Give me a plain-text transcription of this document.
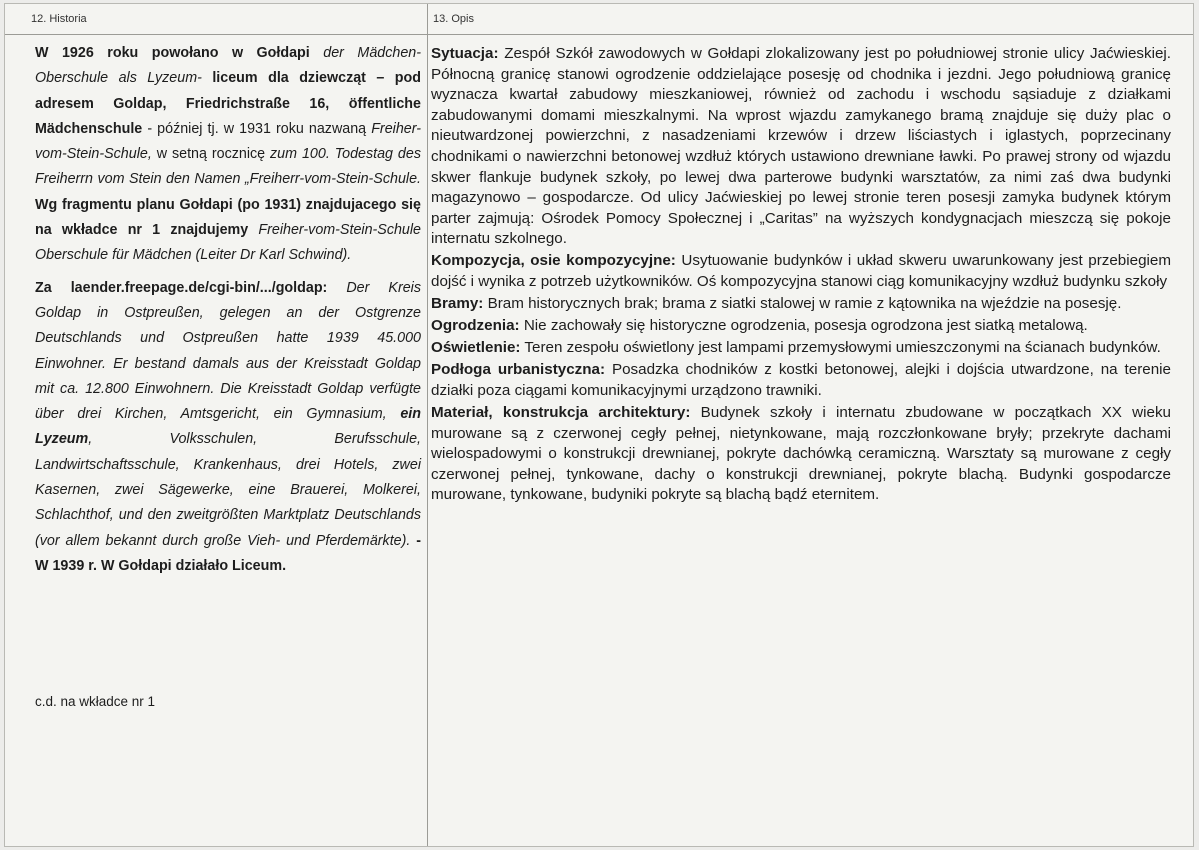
12. Historia	13. Opis

W 1926 roku powołano w Gołdapi der Mädchen-Oberschule als Lyzeum- liceum dla dziewcząt – pod adresem Goldap, Friedrichstraße 16, öffentliche Mädchenschule - później tj. w 1931 roku nazwaną Freiher-vom-Stein-Schule, w setną rocznicę zum 100. Todestag des Freiherrn vom Stein den Namen „Freiherr-vom-Stein-Schule. Wg fragmentu planu Gołdapi (po 1931) znajdujacego się na wkładce nr 1 znajdujemy Freiher-vom-Stein-Schule Oberschule für Mädchen (Leiter Dr Karl Schwind).

Za laender.freepage.de/cgi-bin/.../goldap: Der Kreis Goldap in Ostpreußen, gelegen an der Ostgrenze Deutschlands und Ostpreußen hatte 1939 45.000 Einwohner. Er bestand damals aus der Kreisstadt Goldap mit ca. 12.800 Einwohnern. Die Kreisstadt Goldap verfügte über drei Kirchen, Amtsgericht, ein Gymnasium, ein Lyzeum, Volksschulen, Berufsschule, Landwirtschaftsschule, Krankenhaus, drei Hotels, zwei Kasernen, zwei Sägewerke, eine Brauerei, Molkerei, Schlachthof, und den zweitgrößten Marktplatz Deutschlands (vor allem bekannt durch große Vieh- und Pferdemärkte). - W 1939 r. W Gołdapi działało Liceum.

c.d. na wkładce nr 1

Sytuacja: Zespół Szkół zawodowych w Gołdapi zlokalizowany jest po południowej stronie ulicy Jaćwieskiej. Północną granicę stanowi ogrodzenie oddzielające posesję od chodnika i jezdni. Jego południową granicę wyznacza kwartał zabudowy mieszkaniowej, również od zachodu i wschodu sąsiaduje z działkami zabudowanymi domami mieszkalnymi. Na wprost wjazdu zamykanego bramą znajduje się duży plac o nieutwardzonej powierzchni, z nasadzeniami krzewów i drzew liściastych i iglastych, poprzecinany chodnikami o nawierzchni betonowej wzdłuż których ustawiono drewniane ławki. Po prawej strony od wjazdu skwer flankuje budynek szkoły, po lewej dwa parterowe budynki warsztatów, za nimi zaś dwa budynki magazynowo – gospodarcze. Od ulicy Jaćwieskiej po lewej stronie teren posesji zamyka budynek którym parter zajmują: Ośrodek Pomocy Społecznej i „Caritas” na wyższych kondygnacjach mieszczą się pokoje internatu szkolnego.

Kompozycja, osie kompozycyjne: Usytuowanie budynków i układ skweru uwarunkowany jest przebiegiem dojść i wynika z potrzeb użytkowników. Oś kompozycyjna stanowi ciąg komunikacyjny wzdłuż budynku szkoły

Bramy: Bram historycznych brak; brama z siatki stalowej w ramie z kątownika na wjeździe na posesję.

Ogrodzenia: Nie zachowały się historyczne ogrodzenia, posesja ogrodzona jest siatką metalową.

Oświetlenie: Teren zespołu oświetlony jest lampami przemysłowymi umieszczonymi na ścianach budynków.

Podłoga urbanistyczna: Posadzka chodników z kostki betonowej, alejki i dojścia utwardzone, na terenie działki poza ciągami komunikacyjnymi urządzono trawniki.

Materiał, konstrukcja architektury: Budynek szkoły i internatu zbudowane w początkach XX wieku murowane są z czerwonej cegły pełnej, nietynkowane, mają rozczłonkowane bryły; przekryte dachami wielospadowymi o konstrukcji drewnianej, pokryte dachówką ceramiczną. Warsztaty są murowane z cegły czerwonej pełnej, tynkowane, dachy o konstrukcji drewnianej, pokryte blachą. Budynki gospodarcze murowane, tynkowane, budyniki pokryte są blachą bądź eternitem.
